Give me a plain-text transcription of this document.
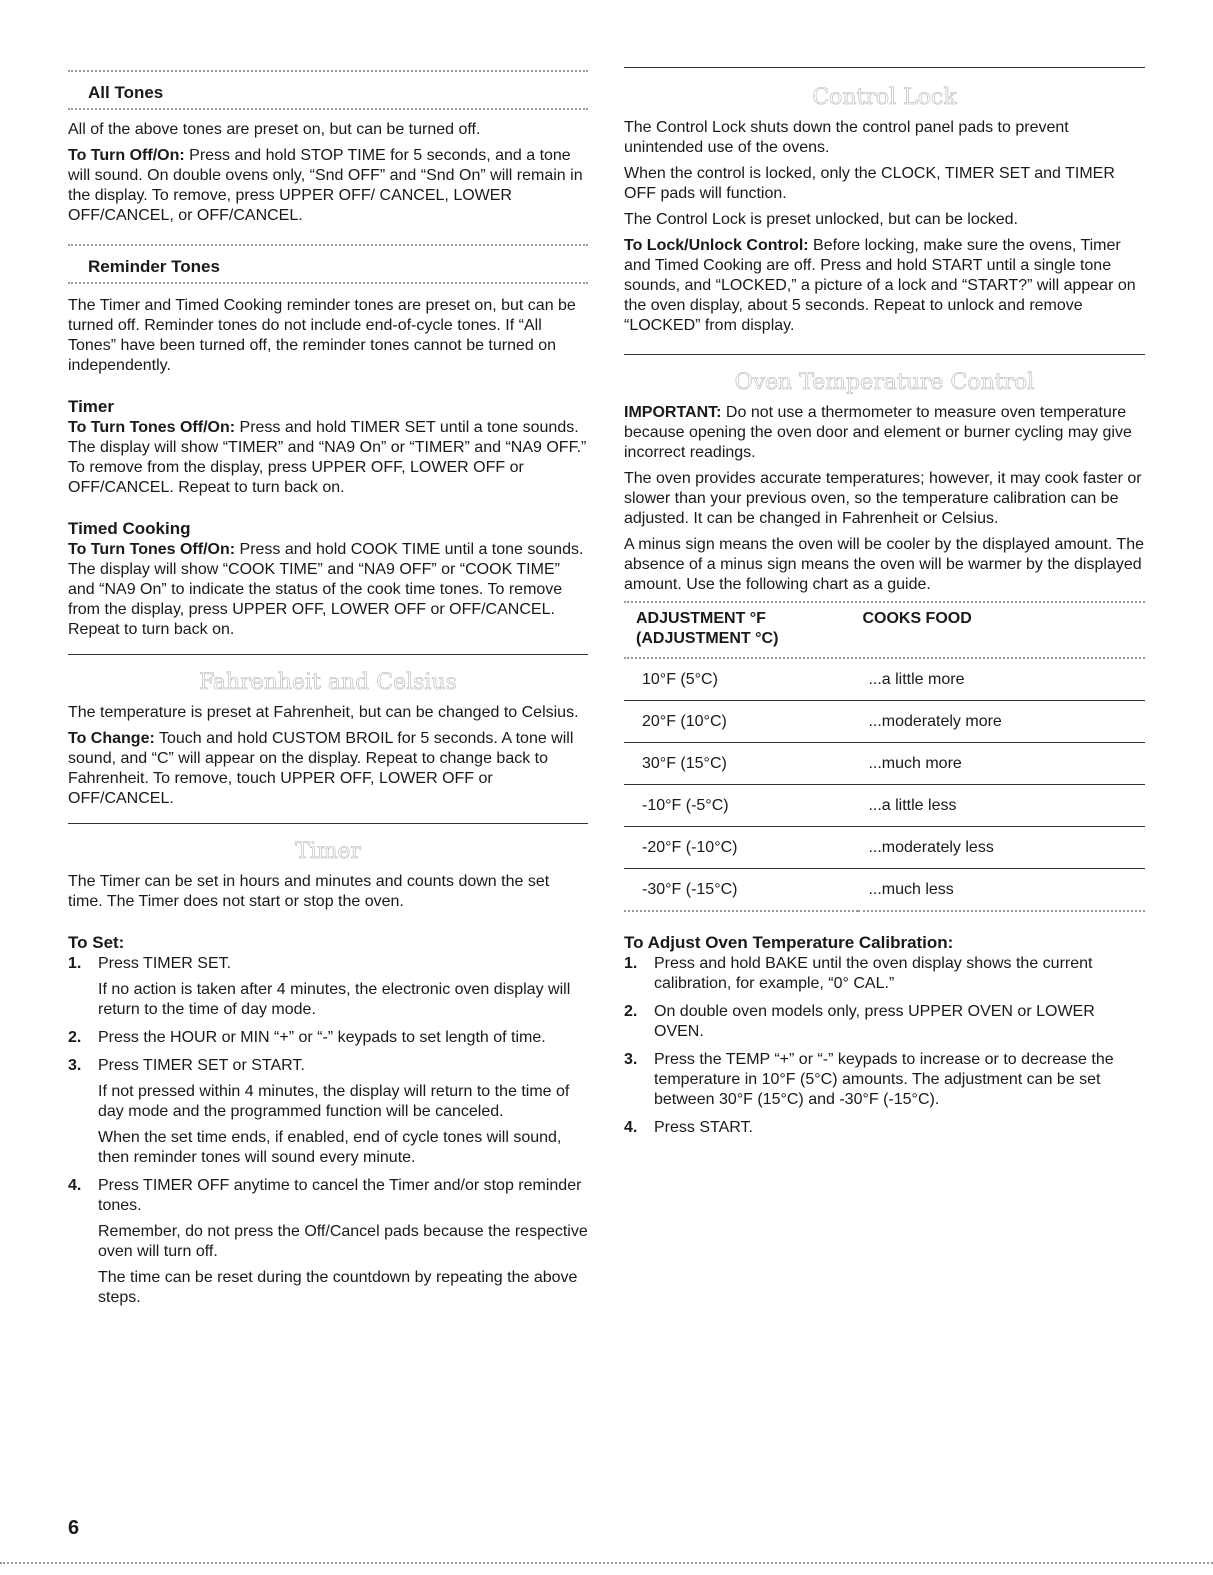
All Tones

All of the above tones are preset on, but can be turned off.

To Turn Off/On: Press and hold STOP TIME for 5 seconds, and a tone will sound. On double ovens only, “Snd OFF” and “Snd On” will remain in the display. To remove, press UPPER OFF/ CANCEL, LOWER OFF/CANCEL, or OFF/CANCEL.

Reminder Tones

The Timer and Timed Cooking reminder tones are preset on, but can be turned off. Reminder tones do not include end-of-cycle tones. If “All Tones” have been turned off, the reminder tones cannot be turned on independently.

Timer

To Turn Tones Off/On: Press and hold TIMER SET until a tone sounds. The display will show “TIMER” and “NA9 On” or “TIMER” and “NA9 OFF.” To remove from the display, press UPPER OFF, LOWER OFF or OFF/CANCEL. Repeat to turn back on.

Timed Cooking

To Turn Tones Off/On: Press and hold COOK TIME until a tone sounds. The display will show “COOK TIME” and “NA9 OFF” or “COOK TIME” and “NA9 On” to indicate the status of the cook time tones. To remove from the display, press UPPER OFF, LOWER OFF or OFF/CANCEL. Repeat to turn back on.

Fahrenheit and Celsius

The temperature is preset at Fahrenheit, but can be changed to Celsius.

To Change: Touch and hold CUSTOM BROIL for 5 seconds. A tone will sound, and “C” will appear on the display. Repeat to change back to Fahrenheit. To remove, touch UPPER OFF, LOWER OFF or OFF/CANCEL.

Timer

The Timer can be set in hours and minutes and counts down the set time. The Timer does not start or stop the oven.

To Set:
1. Press TIMER SET.

If no action is taken after 4 minutes, the electronic oven display will return to the time of day mode.

2. Press the HOUR or MIN “+” or “-” keypads to set length of time.

3. Press TIMER SET or START.

If not pressed within 4 minutes, the display will return to the time of day mode and the programmed function will be canceled.

When the set time ends, if enabled, end of cycle tones will sound, then reminder tones will sound every minute.

4. Press TIMER OFF anytime to cancel the Timer and/or stop reminder tones.

Remember, do not press the Off/Cancel pads because the respective oven will turn off.

The time can be reset during the countdown by repeating the above steps.

Control Lock

The Control Lock shuts down the control panel pads to prevent unintended use of the ovens.

When the control is locked, only the CLOCK, TIMER SET and TIMER OFF pads will function.

The Control Lock is preset unlocked, but can be locked.

To Lock/Unlock Control: Before locking, make sure the ovens, Timer and Timed Cooking are off. Press and hold START until a single tone sounds, and “LOCKED,” a picture of a lock and “START?” will appear on the oven display, about 5 seconds. Repeat to unlock and remove “LOCKED” from display.

Oven Temperature Control

IMPORTANT: Do not use a thermometer to measure oven temperature because opening the oven door and element or burner cycling may give incorrect readings.

The oven provides accurate temperatures; however, it may cook faster or slower than your previous oven, so the temperature calibration can be adjusted. It can be changed in Fahrenheit or Celsius.

A minus sign means the oven will be cooler by the displayed amount. The absence of a minus sign means the oven will be warmer by the displayed amount. Use the following chart as a guide.

ADJUSTMENT °F
(ADJUSTMENT °C)	COOKS FOOD

10°F (5°C)	...a little more
20°F (10°C)	...moderately more
30°F (15°C)	...much more
-10°F (-5°C)	...a little less
-20°F (-10°C)	...moderately less
-30°F (-15°C)	...much less
To Adjust Oven Temperature Calibration:
1. Press and hold BAKE until the oven display shows the current calibration, for example, “0° CAL.”

2. On double oven models only, press UPPER OVEN or LOWER OVEN.

3. Press the TEMP “+” or “-” keypads to increase or to decrease the temperature in 10°F (5°C) amounts. The adjustment can be set between 30°F (15°C) and -30°F (-15°C).

4. Press START.

6
